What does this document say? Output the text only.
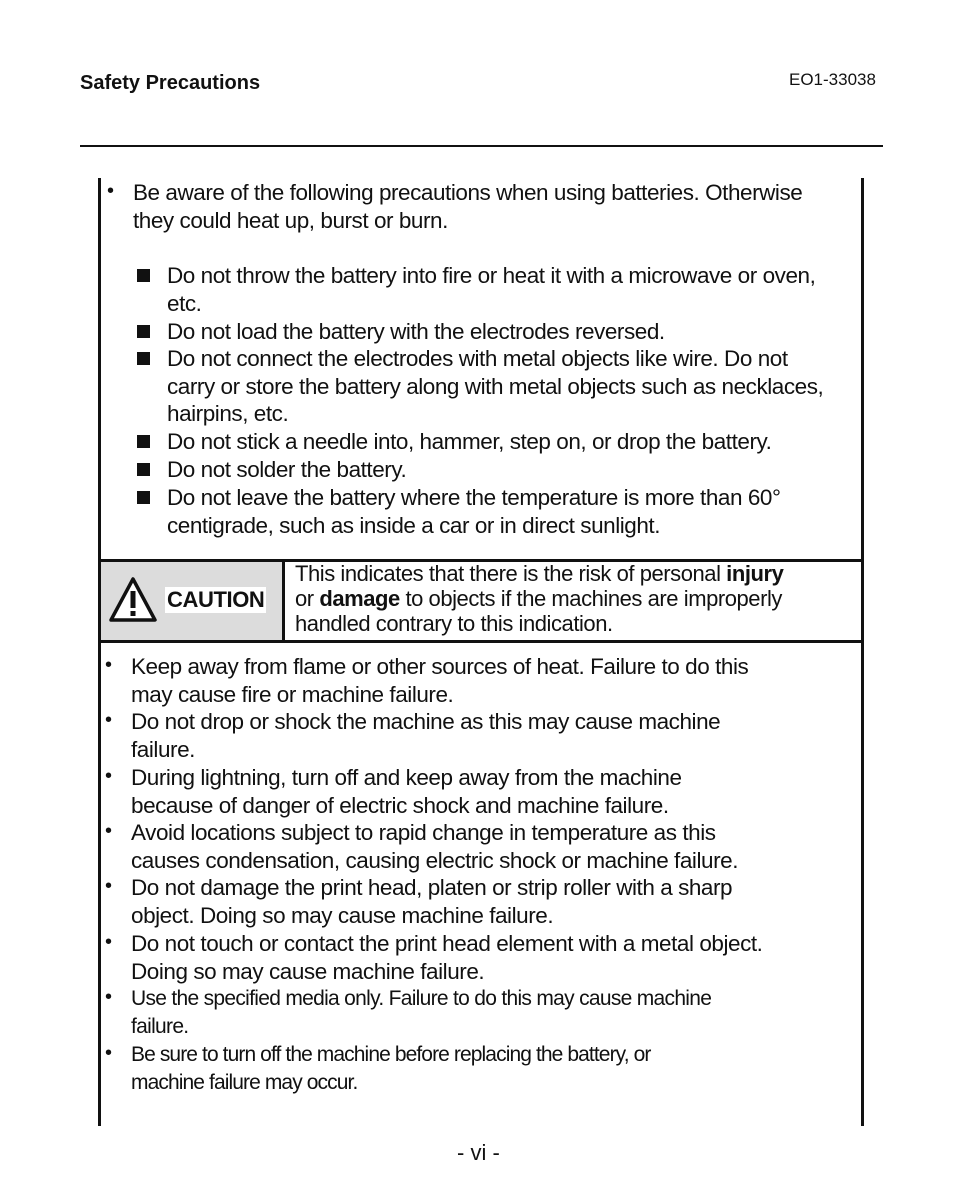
Safety Precautions	EO1-33038
• Be aware of the following precautions when using batteries. Otherwise
they could heat up, burst or burn.
Do not throw the battery into fire or heat it with a microwave or oven,
etc.
Do not load the battery with the electrodes reversed.
Do not connect the electrodes with metal objects like wire. Do not
carry or store the battery along with metal objects such as necklaces,
hairpins, etc.
Do not stick a needle into, hammer, step on, or drop the battery.
Do not solder the battery.
Do not leave the battery where the temperature is more than 60°
centigrade, such as inside a car or in direct sunlight.
CAUTION
This indicates that there is the risk of personal injury
or damage to objects if the machines are improperly
handled contrary to this indication.
• Keep away from flame or other sources of heat. Failure to do this
may cause fire or machine failure.
• Do not drop or shock the machine as this may cause machine
failure.
• During lightning, turn off and keep away from the machine
because of danger of electric shock and machine failure.
• Avoid locations subject to rapid change in temperature as this
causes condensation, causing electric shock or machine failure.
• Do not damage the print head, platen or strip roller with a sharp
object. Doing so may cause machine failure.
• Do not touch or contact the print head element with a metal object.
Doing so may cause machine failure.
• Use the specified media only. Failure to do this may cause machine
failure.
• Be sure to turn off the machine before replacing the battery, or
machine failure may occur.
- vi -
